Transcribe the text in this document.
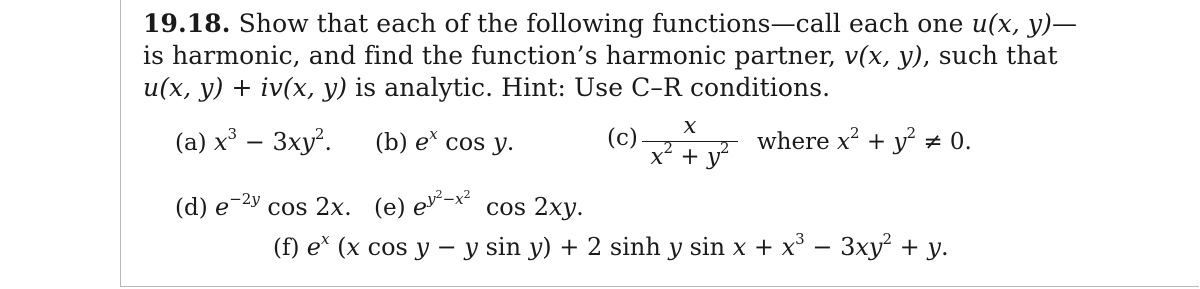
19.18. Show that each of the following functions—call each one u(x, y)—
is harmonic, and find the function’s harmonic partner, v(x, y), such that
u(x, y) + iv(x, y) is analytic. Hint: Use C–R conditions.
(a) $x^3 - 3xy^2$. (b) $e^x$ cos y.	(c)	x
$x^2 + y^2$	where $x^2 + y^2 \ne 0$.
(d) $e^{-2y}$ cos 2x. (e) $e^{y^2-x^2}$  cos 2xy.
(f) $e^x$ (x cos y − y sin y) + 2 sinh y $\sin x + x^3 - 3xy^2 + y$.
